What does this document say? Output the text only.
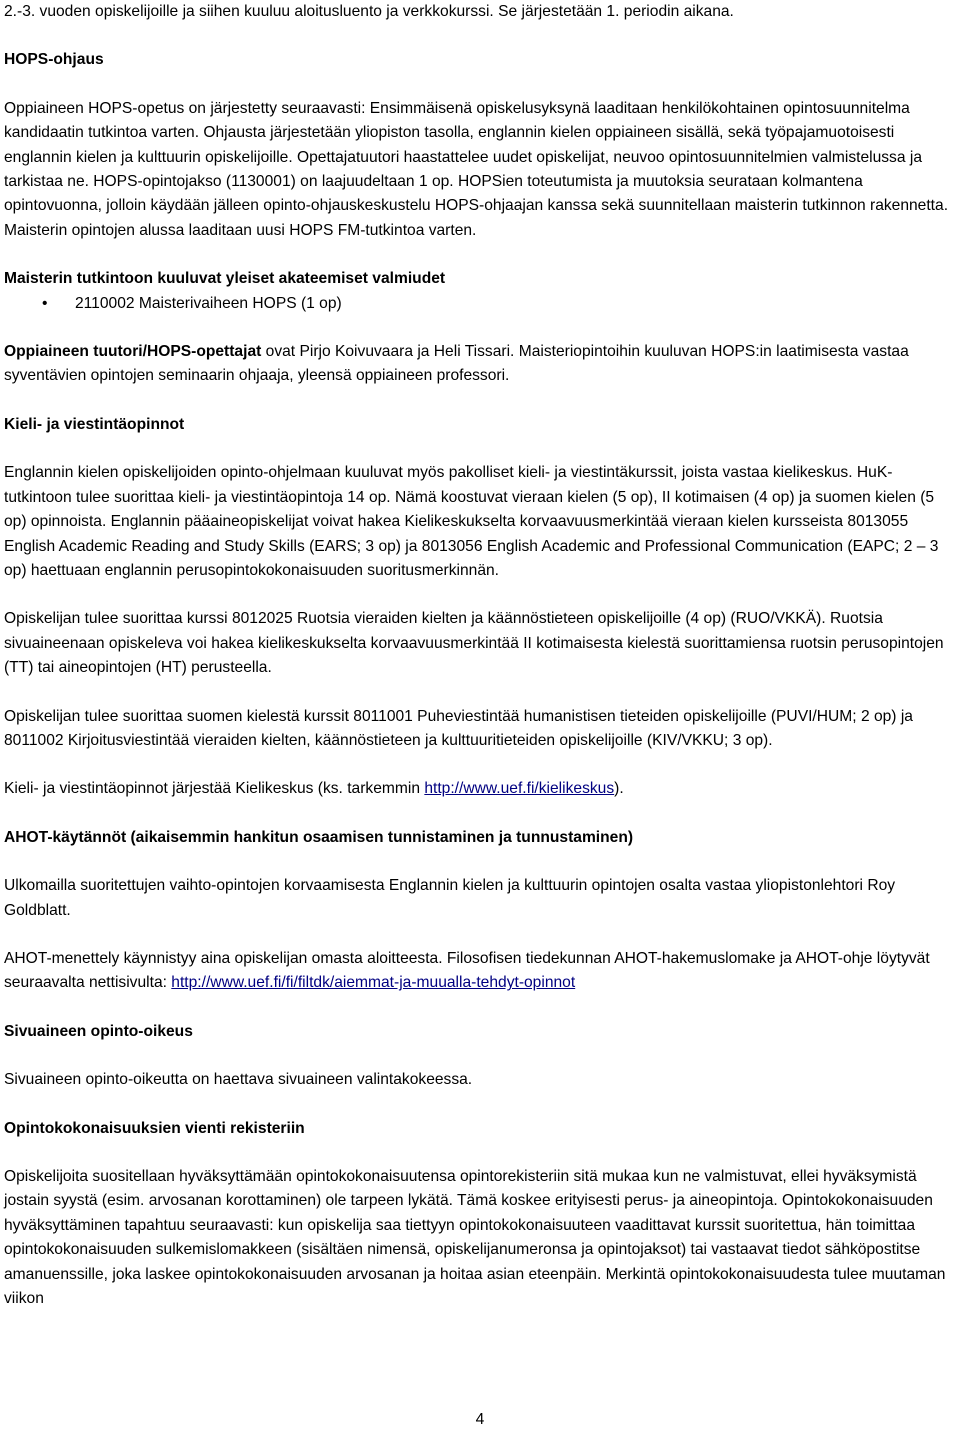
2.-3. vuoden opiskelijoille ja siihen kuuluu aloitusluento ja verkkokurssi. Se järjestetään 1. periodin aikana.

HOPS-ohjaus

Oppiaineen HOPS-opetus on järjestetty seuraavasti: Ensimmäisenä opiskelusyksynä laaditaan henkilökohtainen opintosuunnitelma kandidaatin tutkintoa varten. Ohjausta järjestetään yliopiston tasolla, englannin kielen oppiaineen sisällä, sekä työpajamuotoisesti englannin kielen ja kulttuurin opiskelijoille. Opettajatuutori haastattelee uudet opiskelijat, neuvoo opintosuunnitelmien valmistelussa ja tarkistaa ne. HOPS-opintojakso (1130001) on laajuudeltaan 1 op. HOPSien toteutumista ja muutoksia seurataan kolmantena opintovuonna, jolloin käydään jälleen opinto-ohjauskeskustelu HOPS-ohjaajan kanssa sekä suunnitellaan maisterin tutkinnon rakennetta. Maisterin opintojen alussa laaditaan uusi HOPS FM-tutkintoa varten.

Maisterin tutkintoon kuuluvat yleiset akateemiset valmiudet

• 2110002 Maisterivaiheen HOPS (1 op)

Oppiaineen tuutori/HOPS-opettajat ovat Pirjo Koivuvaara ja Heli Tissari. Maisteriopintoihin kuuluvan HOPS:in laatimisesta vastaa syventävien opintojen seminaarin ohjaaja, yleensä oppiaineen professori.

Kieli- ja viestintäopinnot

Englannin kielen opiskelijoiden opinto-ohjelmaan kuuluvat myös pakolliset kieli- ja viestintäkurssit, joista vastaa kielikeskus. HuK-tutkintoon tulee suorittaa kieli- ja viestintäopintoja 14 op. Nämä koostuvat vieraan kielen (5 op), II kotimaisen (4 op) ja suomen kielen (5 op) opinnoista. Englannin pääaineopiskelijat voivat hakea Kielikeskukselta korvaavuusmerkintää vieraan kielen kursseista 8013055 English Academic Reading and Study Skills (EARS; 3 op) ja 8013056 English Academic and Professional Communication (EAPC; 2 – 3 op) haettuaan englannin perusopintokokonaisuuden suoritusmerkinnän.

Opiskelijan tulee suorittaa kurssi 8012025 Ruotsia vieraiden kielten ja käännöstieteen opiskelijoille (4 op) (RUO/VKKÄ). Ruotsia sivuaineenaan opiskeleva voi hakea kielikeskukselta korvaavuusmerkintää II kotimaisesta kielestä suorittamiensa ruotsin perusopintojen (TT) tai aineopintojen (HT) perusteella.

Opiskelijan tulee suorittaa suomen kielestä kurssit 8011001 Puheviestintää humanistisen tieteiden opiskelijoille (PUVI/HUM; 2 op) ja 8011002 Kirjoitusviestintää vieraiden kielten, käännöstieteen ja kulttuuritieteiden opiskelijoille (KIV/VKKU; 3 op).

Kieli- ja viestintäopinnot järjestää Kielikeskus (ks. tarkemmin http://www.uef.fi/kielikeskus).

AHOT-käytännöt (aikaisemmin hankitun osaamisen tunnistaminen ja tunnustaminen)

Ulkomailla suoritettujen vaihto-opintojen korvaamisesta Englannin kielen ja kulttuurin opintojen osalta vastaa yliopistonlehtori Roy Goldblatt.

AHOT-menettely käynnistyy aina opiskelijan omasta aloitteesta. Filosofisen tiedekunnan AHOT-hakemuslomake ja AHOT-ohje löytyvät seuraavalta nettisivulta: http://www.uef.fi/fi/filtdk/aiemmat-ja-muualla-tehdyt-opinnot

Sivuaineen opinto-oikeus

Sivuaineen opinto-oikeutta on haettava sivuaineen valintakokeessa.

Opintokokonaisuuksien vienti rekisteriin

Opiskelijoita suositellaan hyväksyttämään opintokokonaisuutensa opintorekisteriin sitä mukaa kun ne valmistuvat, ellei hyväksymistä jostain syystä (esim. arvosanan korottaminen) ole tarpeen lykätä. Tämä koskee erityisesti perus- ja aineopintoja. Opintokokonaisuuden hyväksyttäminen tapahtuu seuraavasti: kun opiskelija saa tiettyyn opintokokonaisuuteen vaadittavat kurssit suoritettua, hän toimittaa opintokokonaisuuden sulkemislomakkeen (sisältäen nimensä, opiskelijanumeronsa ja opintojaksot) tai vastaavat tiedot sähköpostitse amanuenssille, joka laskee opintokokonaisuuden arvosanan ja hoitaa asian eteenpäin. Merkintä opintokokonaisuudesta tulee muutaman viikon

4
